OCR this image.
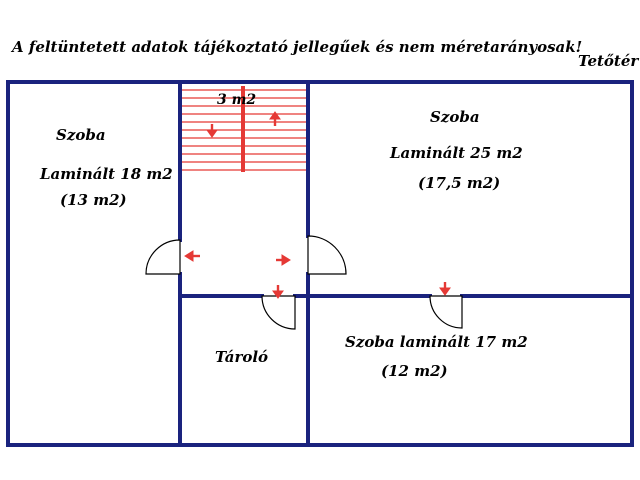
A feltüntetett adatok tájékoztató jellegűek és nem méretarányosak!
Tetőtér
3 m2
Szoba
Laminált 18 m2
(13 m2)
Szoba
Laminált 25 m2
(17,5 m2)
Tároló
Szoba laminált 17 m2
(12 m2)
